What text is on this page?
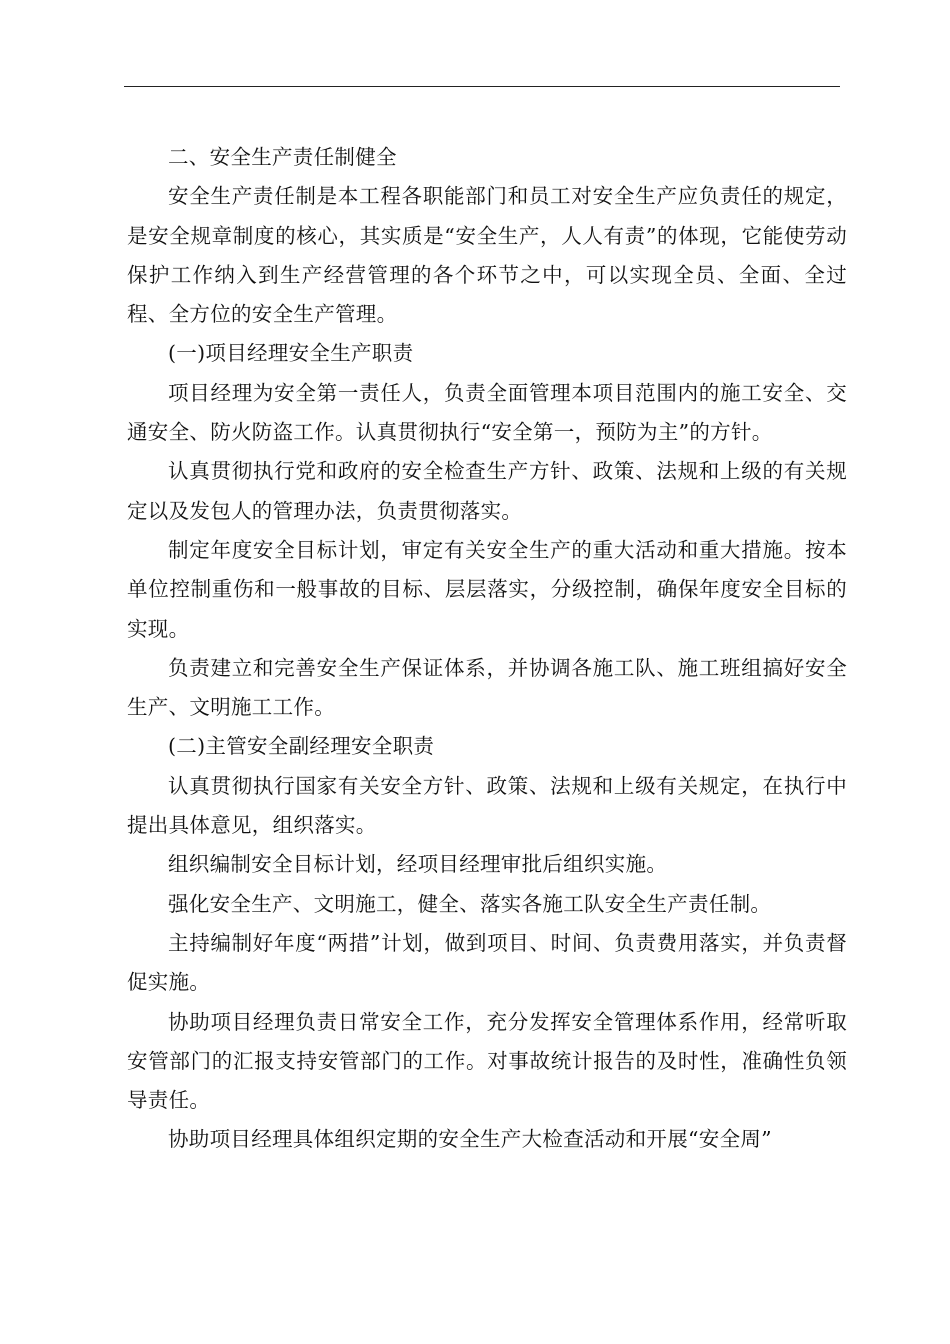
二、安全生产责任制健全

安全生产责任制是本工程各职能部门和员工对安全生产应负责任的规定，是安全规章制度的核心，其实质是“安全生产，人人有责”的体现，它能使劳动保护工作纳入到生产经营管理的各个环节之中，可以实现全员、全面、全过程、全方位的安全生产管理。

(一)项目经理安全生产职责

项目经理为安全第一责任人，负责全面管理本项目范围内的施工安全、交通安全、防火防盗工作。认真贯彻执行“安全第一，预防为主”的方针。

认真贯彻执行党和政府的安全检查生产方针、政策、法规和上级的有关规定以及发包人的管理办法，负责贯彻落实。

制定年度安全目标计划，审定有关安全生产的重大活动和重大措施。按本单位控制重伤和一般事故的目标、层层落实，分级控制，确保年度安全目标的实现。

负责建立和完善安全生产保证体系，并协调各施工队、施工班组搞好安全生产、文明施工工作。

(二)主管安全副经理安全职责

认真贯彻执行国家有关安全方针、政策、法规和上级有关规定，在执行中提出具体意见，组织落实。

组织编制安全目标计划，经项目经理审批后组织实施。

强化安全生产、文明施工，健全、落实各施工队安全生产责任制。

主持编制好年度“两措”计划，做到项目、时间、负责费用落实，并负责督促实施。

协助项目经理负责日常安全工作，充分发挥安全管理体系作用，经常听取安管部门的汇报支持安管部门的工作。对事故统计报告的及时性，准确性负领导责任。

协助项目经理具体组织定期的安全生产大检查活动和开展“安全周”
